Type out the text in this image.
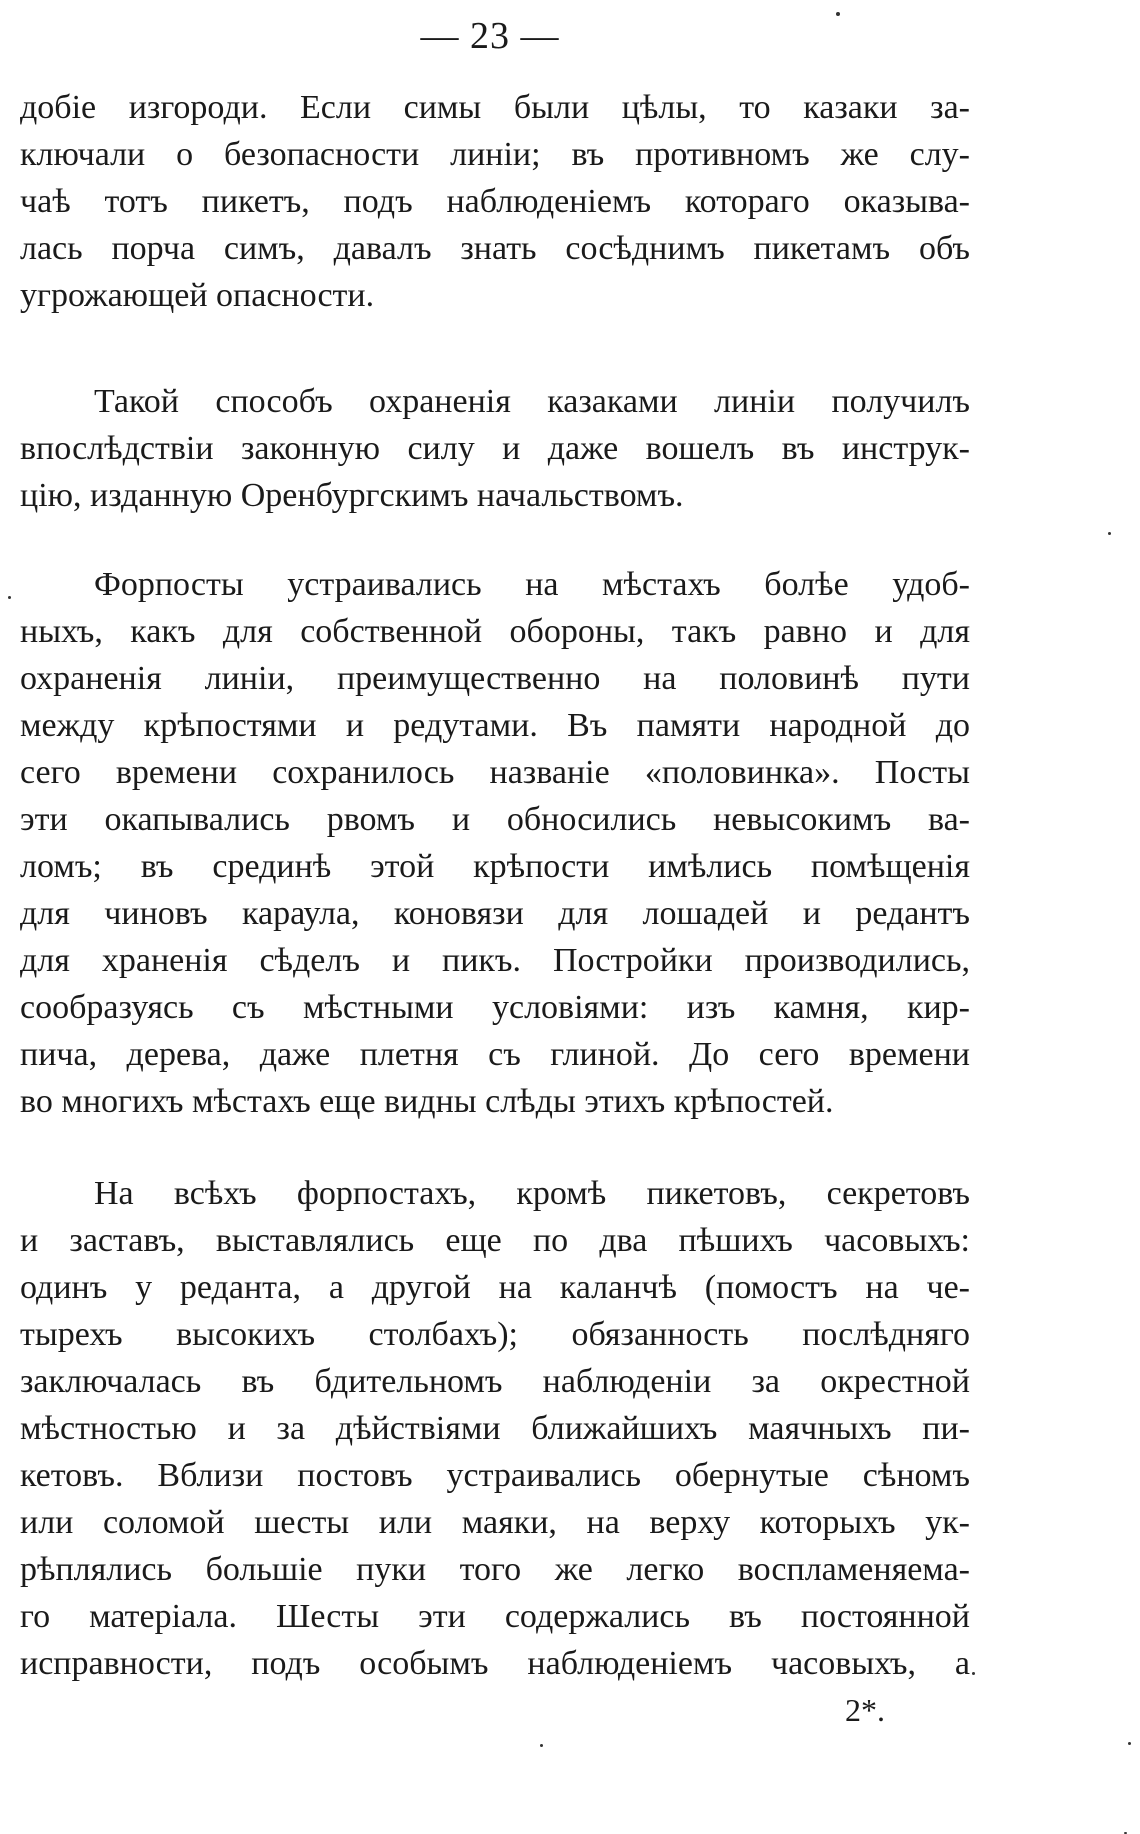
— 23 —
добіе изгороди. Если симы были цѣлы, то казаки за-
ключали о безопасности линіи; въ противномъ же слу-
чаѣ тотъ пикетъ, подъ наблюденіемъ котораго оказыва-
лась порча симъ, давалъ знать сосѣднимъ пикетамъ объ
угрожающей опасности.
Такой способъ охраненія казаками линіи получилъ
впослѣдствіи законную силу и даже вошелъ въ инструк-
цію, изданную Оренбургскимъ начальствомъ.
Форпосты устраивались на мѣстахъ болѣе удоб-
ныхъ, какъ для собственной обороны, такъ равно и для
охраненія линіи, преимущественно на половинѣ пути
между крѣпостями и редутами. Въ памяти народной до
сего времени сохранилось названіе «половинка». Посты
эти окапывались рвомъ и обносились невысокимъ ва-
ломъ; въ срединѣ этой крѣпости имѣлись помѣщенія
для чиновъ караула, коновязи для лошадей и редантъ
для храненія сѣделъ и пикъ. Постройки производились,
сообразуясь съ мѣстными условіями: изъ камня, кир-
пича, дерева, даже плетня съ глиной. До сего времени
во многихъ мѣстахъ еще видны слѣды этихъ крѣпостей.
На всѣхъ форпостахъ, кромѣ пикетовъ, секретовъ
и заставъ, выставлялись еще по два пѣшихъ часовыхъ:
одинъ у реданта, а другой на каланчѣ (помостъ на че-
тырехъ высокихъ столбахъ); обязанность послѣдняго
заключалась въ бдительномъ наблюденіи за окрестной
мѣстностью и за дѣйствіями ближайшихъ маячныхъ пи-
кетовъ. Вблизи постовъ устраивались обернутые сѣномъ
или соломой шесты или маяки, на верху которыхъ ук-
рѣплялись большіе пуки того же легко воспламеняема-
го матеріала. Шесты эти содержались въ постоянной
исправности, подъ особымъ наблюденіемъ часовыхъ, а
2*.
